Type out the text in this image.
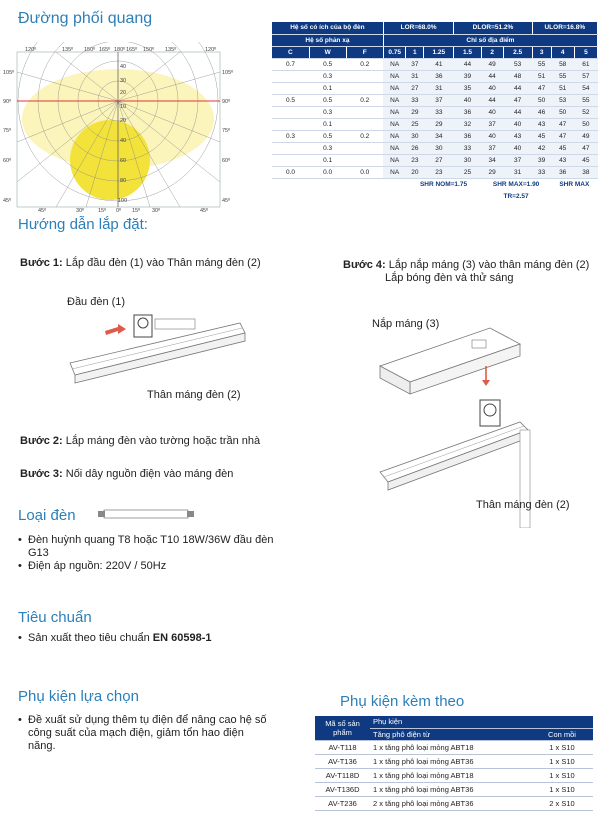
Đường phối quang
120º	135º 150º 165º 180º 165º 150º 135º	120º
105º
90º
75º
60º
45º
105º
90º
75º
60º
45º
45º	30º	15º 0º 15º 30º	45º
40
30
20
10
20
40
60
80
100
Hệ số có ích của bộ đèn			LOR=68.0%			DLOR=51.2%			ULOR=16.8%		
Hệ số phản xạ			Chỉ số địa điểm								
C	W	F	0.75	1	1.25	1.5	2	2.5	3	4	5
0.7	0.5	0.2	NA	37	41	44	49	53	55	58	61
	0.3		NA	31	36	39	44	48	51	55	57
	0.1		NA	27	31	35	40	44	47	51	54
0.5	0.5	0.2	NA	33	37	40	44	47	50	53	55
	0.3		NA	29	33	36	40	44	46	50	52
	0.1		NA	25	29	32	37	40	43	47	50
0.3	0.5	0.2	NA	30	34	36	40	43	45	47	49
	0.3		NA	26	30	33	37	40	42	45	47
	0.1		NA	23	27	30	34	37	39	43	45
0.0	0.0	0.0	NA	20	23	25	29	31	33	36	38
				SHR NOM=1.75			SHR MAX=1.90			SHR MAX	
							TR=2.57				
Hướng dẫn lắp đặt:
Bước 1: Lắp đầu đèn (1) vào Thân máng đèn (2)	Bước 4: Lắp nắp máng (3) vào thân máng đèn (2)
Lắp bóng đèn và thử sáng
Đầu đèn (1)
Thân máng đèn (2)
Nắp máng (3)
Thân máng đèn (2)
Bước 2: Lắp máng đèn vào tường hoặc trần nhà
Bước 3: Nối dây nguồn điện vào máng đèn
Loại đèn
• Đèn huỳnh quang T8 hoặc T10 18W/36W đầu đèn G13
• Điện áp nguồn: 220V / 50Hz
Tiêu chuẩn
• Sản xuất theo tiêu chuẩn EN 60598-1
Phụ kiện lựa chọn
• Đề xuất sử dụng thêm tụ điện để nâng cao hệ số công suất của mạch điện, giảm tổn hao điện năng.
Phụ kiện kèm theo
Mã số sản phẩm	Phụ kiện	
	Tăng phô điện từ	Con mồi
AV-T118	1 x tăng phô loại mỏng ABT18	1 x S10
AV-T136	1 x tăng phô loại mỏng ABT36	1 x S10
AV-T118D	1 x tăng phô loại mỏng ABT18	1 x S10
AV-T136D	1 x tăng phô loại mỏng ABT36	1 x S10
AV-T236	2 x tăng phô loại mỏng ABT36	2 x S10
